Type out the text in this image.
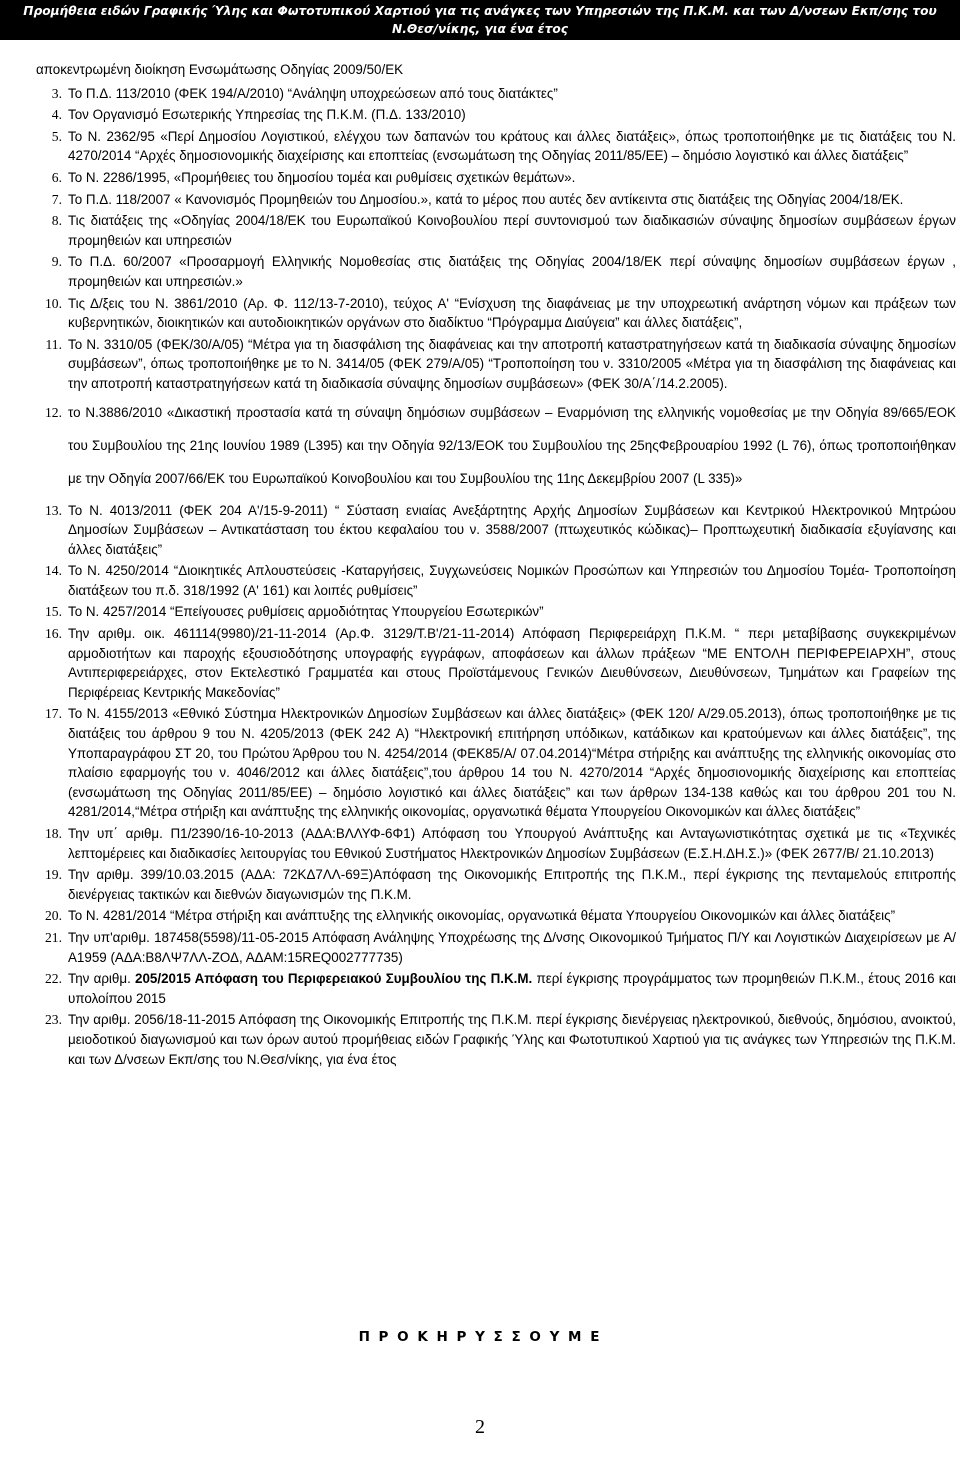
Προμήθεια ειδών Γραφικής Ύλης και Φωτοτυπικού Χαρτιού για τις ανάγκες των Υπηρεσιών της Π.Κ.Μ. και των Δ/νσεων Εκπ/σης του
Ν.Θεσ/νίκης, για ένα έτος
αποκεντρωμένη διοίκηση Ενσωμάτωσης Οδηγίας 2009/50/ΕΚ
3. Το Π.Δ. 113/2010 (ΦΕΚ 194/Α/2010) “Ανάληψη υποχρεώσεων από τους διατάκτες”
4. Τον Οργανισμό Εσωτερικής Υπηρεσίας της Π.Κ.Μ. (Π.Δ. 133/2010)
5. Το Ν. 2362/95 «Περί Δημοσίου Λογιστικού, ελέγχου των δαπανών του κράτους και άλλες διατάξεις», όπως τροποποιήθηκε με τις διατάξεις του Ν. 4270/2014 “Αρχές δημοσιονομικής διαχείρισης και εποπτείας (ενσωμάτωση της Οδηγίας 2011/85/ΕΕ) – δημόσιο λογιστικό και άλλες διατάξεις”
6. Το Ν. 2286/1995, «Προμήθειες του δημοσίου τομέα και ρυθμίσεις σχετικών θεμάτων».
7. Το Π.Δ. 118/2007 « Κανονισμός Προμηθειών του Δημοσίου.», κατά το μέρος που αυτές δεν αντίκειντα στις διατάξεις της Οδηγίας 2004/18/ΕΚ.
8. Τις διατάξεις της «Οδηγίας 2004/18/ΕΚ του Ευρωπαϊκού Κοινοβουλίου περί συντονισμού των διαδικασιών σύναψης δημοσίων συμβάσεων έργων προμηθειών και υπηρεσιών
9. Το Π.Δ. 60/2007 «Προσαρμογή Ελληνικής Νομοθεσίας στις διατάξεις της Οδηγίας 2004/18/ΕΚ περί σύναψης δημοσίων συμβάσεων έργων , προμηθειών και υπηρεσιών.»
10. Τις Δ/ξεις του Ν. 3861/2010 (Αρ. Φ. 112/13-7-2010), τεύχος Α' “Ενίσχυση της διαφάνειας με την υποχρεωτική ανάρτηση νόμων και πράξεων των κυβερνητικών, διοικητικών και αυτοδιοικητικών οργάνων στο διαδίκτυο “Πρόγραμμα Διαύγεια” και άλλες διατάξεις”,
11. Το Ν. 3310/05 (ΦΕΚ/30/Α/05) “Μέτρα για τη διασφάλιση της διαφάνειας και την αποτροπή καταστρατηγήσεων κατά τη διαδικασία σύναψης δημοσίων συμβάσεων”, όπως τροποποιήθηκε με το Ν. 3414/05 (ΦΕΚ 279/Α/05) “Τροποποίηση του ν. 3310/2005 «Μέτρα για τη διασφάλιση της διαφάνειας και την αποτροπή καταστρατηγήσεων κατά τη διαδικασία σύναψης δημοσίων συμβάσεων» (ΦΕΚ 30/Α΄/14.2.2005).
12. το Ν.3886/2010 «Δικαστική προστασία κατά τη σύναψη δημόσιων συμβάσεων – Εναρμόνιση της ελληνικής νομοθεσίας με την Οδηγία 89/665/ΕΟΚ του Συμβουλίου της 21ης Ιουνίου 1989 (L395) και την Οδηγία 92/13/ΕΟΚ του Συμβουλίου της 25ηςΦεβρουαρίου 1992 (L 76), όπως τροποποιήθηκαν με την Οδηγία 2007/66/ΕΚ του Ευρωπαϊκού Κοινοβουλίου και του Συμβουλίου της 11ης Δεκεμβρίου 2007 (L 335)»
13. Το Ν. 4013/2011 (ΦΕΚ 204 Α'/15-9-2011) “ Σύσταση ενιαίας Ανεξάρτητης Αρχής Δημοσίων Συμβάσεων και Κεντρικού Ηλεκτρονικού Μητρώου Δημοσίων Συμβάσεων – Αντικατάσταση του έκτου κεφαλαίου του ν. 3588/2007 (πτωχευτικός κώδικας)– Προπτωχευτική διαδικασία εξυγίανσης και άλλες διατάξεις”
14. Το Ν. 4250/2014 “Διοικητικές Απλουστεύσεις -Καταργήσεις, Συγχωνεύσεις Νομικών Προσώπων και Υπηρεσιών του Δημοσίου Τομέα- Τροποποίηση διατάξεων του π.δ. 318/1992 (Α' 161) και λοιπές ρυθμίσεις”
15. Το Ν. 4257/2014 “Επείγουσες ρυθμίσεις αρμοδιότητας Υπουργείου Εσωτερικών”
16. Την αριθμ. οικ. 461114(9980)/21-11-2014 (Αρ.Φ. 3129/Τ.Β'/21-11-2014) Απόφαση Περιφερειάρχη Π.Κ.Μ. “ περι μεταβίβασης συγκεκριμένων αρμοδιοτήτων και παροχής εξουσιοδότησης υπογραφής εγγράφων, αποφάσεων και άλλων πράξεων “ΜΕ ΕΝΤΟΛΗ ΠΕΡΙΦΕΡΕΙΑΡΧΗ”, στους Αντιπεριφερειάρχες, στον Εκτελεστικό Γραμματέα και στους Προϊστάμενους Γενικών Διευθύνσεων, Διευθύνσεων, Τμημάτων και Γραφείων της Περιφέρειας Κεντρικής Μακεδονίας”
17. Το Ν. 4155/2013 «Εθνικό Σύστημα Ηλεκτρονικών Δημοσίων Συμβάσεων και άλλες διατάξεις» (ΦΕΚ 120/ Α/29.05.2013), όπως τροποποιήθηκε με τις διατάξεις του άρθρου 9 του Ν. 4205/2013 (ΦΕΚ 242 Α) “Ηλεκτρονική επιτήρηση υπόδικων, κατάδικων και κρατούμενων και άλλες διατάξεις”, της Υποπαραγράφου ΣΤ 20, του Πρώτου Άρθρου του Ν. 4254/2014 (ΦΕΚ85/Α/ 07.04.2014)“Μέτρα στήριξης και ανάπτυξης της ελληνικής οικονομίας στο πλαίσιο εφαρμογής του ν. 4046/2012 και άλλες διατάξεις”,του άρθρου 14 του Ν. 4270/2014 “Αρχές δημοσιονομικής διαχείρισης και εποπτείας (ενσωμάτωση της Οδηγίας 2011/85/ΕΕ) – δημόσιο λογιστικό και άλλες διατάξεις” και των άρθρων 134-138 καθώς και του άρθρου 201 του Ν. 4281/2014,“Μέτρα στήριξη και ανάπτυξης της ελληνικής οικονομίας, οργανωτικά θέματα Υπουργείου Οικονομικών και άλλες διατάξεις”
18. Την υπ΄ αριθμ. Π1/2390/16-10-2013 (ΑΔΑ:ΒΛΛΥΦ-6Φ1) Απόφαση του Υπουργού Ανάπτυξης και Ανταγωνιστικότητας σχετικά με τις «Τεχνικές λεπτομέρειες και διαδικασίες λειτουργίας του Εθνικού Συστήματος Ηλεκτρονικών Δημοσίων Συμβάσεων (Ε.Σ.Η.ΔΗ.Σ.)» (ΦΕΚ 2677/Β/ 21.10.2013)
19. Την αριθμ. 399/10.03.2015 (ΑΔΑ: 72ΚΔ7ΛΛ-69Ξ)Απόφαση της Οικονομικής Επιτροπής της Π.Κ.Μ., περί έγκρισης της πενταμελούς επιτροπής διενέργειας τακτικών και διεθνών διαγωνισμών της Π.Κ.Μ.
20. Το Ν. 4281/2014 “Μέτρα στήριξη και ανάπτυξης της ελληνικής οικονομίας, οργανωτικά θέματα Υπουργείου Οικονομικών και άλλες διατάξεις”
21. Την υπ'αριθμ. 187458(5598)/11-05-2015 Απόφαση Ανάληψης Υποχρέωσης της Δ/νσης Οικονομικού Τμήματος Π/Υ και Λογιστικών Διαχειρίσεων με Α/Α1959 (ΑΔΑ:Β8ΛΨ7ΛΛ-ΖΟΔ, ΑΔΑΜ:15REQ002777735)
22. Την αριθμ. 205/2015 Απόφαση του Περιφερειακού Συμβουλίου της Π.Κ.Μ. περί έγκρισης προγράμματος των προμηθειών Π.Κ.Μ., έτους 2016 και υπολοίπου 2015
23. Την αριθμ. 2056/18-11-2015 Απόφαση της Οικονομικής Επιτροπής της Π.Κ.Μ. περί έγκρισης διενέργειας ηλεκτρονικού, διεθνούς, δημόσιου, ανοικτού, μειοδοτικού διαγωνισμού και των όρων αυτού προμήθειας ειδών Γραφικής Ύλης και Φωτοτυπικού Χαρτιού για τις ανάγκες των Υπηρεσιών της Π.Κ.Μ. και των Δ/νσεων Εκπ/σης του Ν.Θεσ/νίκης, για ένα έτος
Π Ρ Ο Κ Η Ρ Υ Σ Σ Ο Υ Μ Ε
2
